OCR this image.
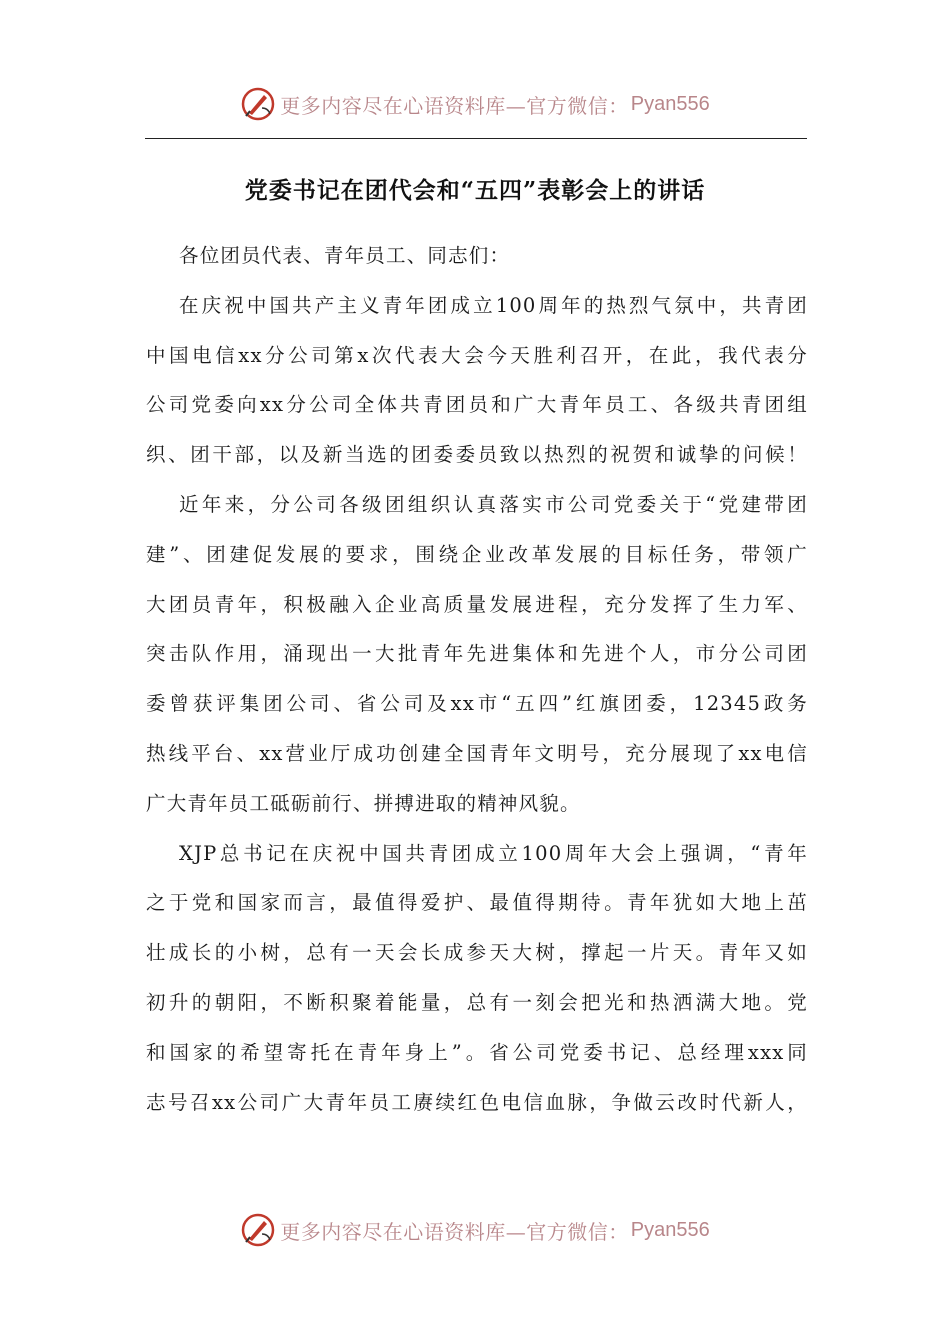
更多内容尽在心语资料库—官方微信： Pyan556
党委书记在团代会和“五四”表彰会上的讲话
各位团员代表、青年员工、同志们：
在庆祝中国共产主义青年团成立100周年的热烈气氛中，共青团
中国电信xx分公司第x次代表大会今天胜利召开，在此，我代表分
公司党委向xx分公司全体共青团员和广大青年员工、各级共青团组
织、团干部，以及新当选的团委委员致以热烈的祝贺和诚挚的问候！
近年来，分公司各级团组织认真落实市公司党委关于“党建带团
建”、团建促发展的要求，围绕企业改革发展的目标任务，带领广
大团员青年，积极融入企业高质量发展进程，充分发挥了生力军、
突击队作用，涌现出一大批青年先进集体和先进个人，市分公司团
委曾获评集团公司、省公司及xx市“五四”红旗团委，12345政务
热线平台、xx营业厅成功创建全国青年文明号，充分展现了xx电信
广大青年员工砥砺前行、拼搏进取的精神风貌。
XJP总书记在庆祝中国共青团成立100周年大会上强调，“青年
之于党和国家而言，最值得爱护、最值得期待。青年犹如大地上茁
壮成长的小树，总有一天会长成参天大树，撑起一片天。青年又如
初升的朝阳，不断积聚着能量，总有一刻会把光和热洒满大地。党
和国家的希望寄托在青年身上”。省公司党委书记、总经理xxx同
志号召xx公司广大青年员工赓续红色电信血脉，争做云改时代新人，
更多内容尽在心语资料库—官方微信： Pyan556
